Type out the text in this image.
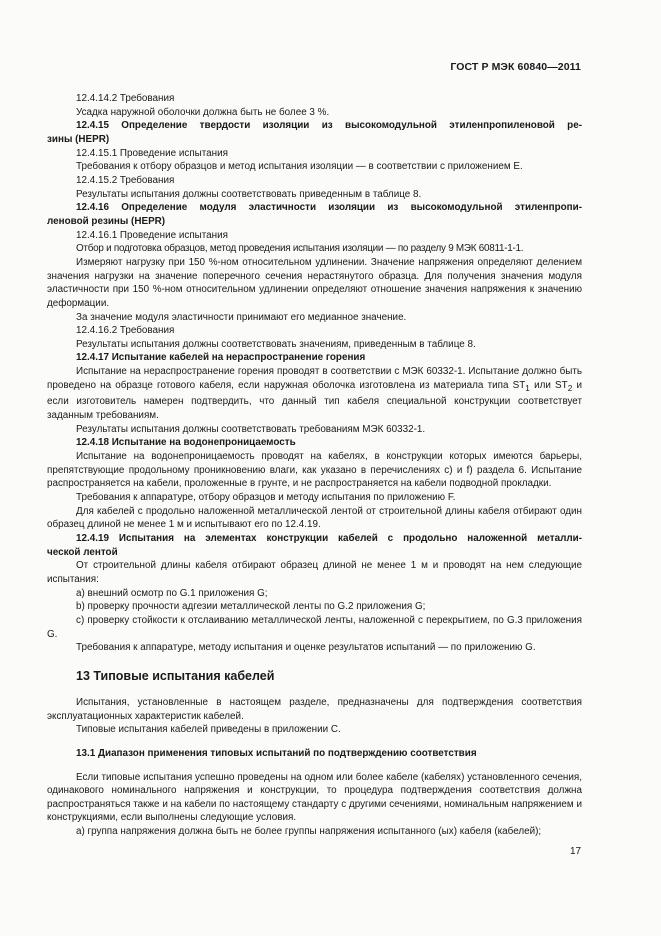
ГОСТ Р МЭК 60840—2011

12.4.14.2 Требования

Усадка наружной оболочки должна быть не более 3 %.

12.4.15 Определение твердости изоляции из высокомодульной этиленпропиленовой ре-

зины (HEPR)

12.4.15.1 Проведение испытания

Требования к отбору образцов и метод испытания изоляции — в соответствии с приложением Е.

12.4.15.2 Требования

Результаты испытания должны соответствовать приведенным в таблице 8.

12.4.16 Определение модуля эластичности изоляции из высокомодульной этиленпропи-

леновой резины (HEPR)

12.4.16.1 Проведение испытания

Отбор и подготовка образцов, метод проведения испытания изоляции — по разделу 9 МЭК 60811-1-1.

Измеряют нагрузку при 150 %-ном относительном удлинении. Значение напряжения определяют делением значения нагрузки на значение поперечного сечения нерастянутого образца. Для получения значения модуля эластичности при 150 %-ном относительном удлинении определяют отношение значения напряжения к значению деформации.

За значение модуля эластичности принимают его медианное значение.

12.4.16.2 Требования

Результаты испытания должны соответствовать значениям, приведенным в таблице 8.

12.4.17 Испытание кабелей на нераспространение горения

Испытание на нераспространение горения проводят в соответствии с МЭК 60332-1. Испытание должно быть проведено на образце готового кабеля, если наружная оболочка изготовлена из материала типа $ST_1$ или $ST_2$ и если изготовитель намерен подтвердить, что данный тип кабеля специальной конструкции соответствует заданным требованиям.

Результаты испытания должны соответствовать требованиям МЭК 60332-1.

12.4.18 Испытание на водонепроницаемость

Испытание на водонепроницаемость проводят на кабелях, в конструкции которых имеются барьеры, препятствующие продольному проникновению влаги, как указано в перечислениях с) и f) раздела 6. Испытание распространяется на кабели, проложенные в грунте, и не распространяется на кабели подводной прокладки.

Требования к аппаратуре, отбору образцов и методу испытания по приложению F.

Для кабелей с продольно наложенной металлической лентой от строительной длины кабеля отбирают один образец длиной не менее 1 м и испытывают его по 12.4.19.

12.4.19 Испытания на элементах конструкции кабелей с продольно наложенной металли-

ческой лентой

От строительной длины кабеля отбирают образец длиной не менее 1 м и проводят на нем следующие испытания:

а) внешний осмотр по G.1 приложения G;

b) проверку прочности адгезии металлической ленты по G.2 приложения G;

с) проверку стойкости к отслаиванию металлической ленты, наложенной с перекрытием, по G.3 приложения G.

Требования к аппаратуре, методу испытания и оценке результатов испытаний — по приложению G.

13 Типовые испытания кабелей

Испытания, установленные в настоящем разделе, предназначены для подтверждения соответствия эксплуатационных характеристик кабелей.

Типовые испытания кабелей приведены в приложении С.

13.1 Диапазон применения типовых испытаний по подтверждению соответствия

Если типовые испытания успешно проведены на одном или более кабеле (кабелях) установленного сечения, одинакового номинального напряжения и конструкции, то процедура подтверждения соответствия должна распространяться также и на кабели по настоящему стандарту с другими сечениями, номинальным напряжением и конструкциями, если выполнены следующие условия.

а) группа напряжения должна быть не более группы напряжения испытанного (ых) кабеля (кабелей);

17
